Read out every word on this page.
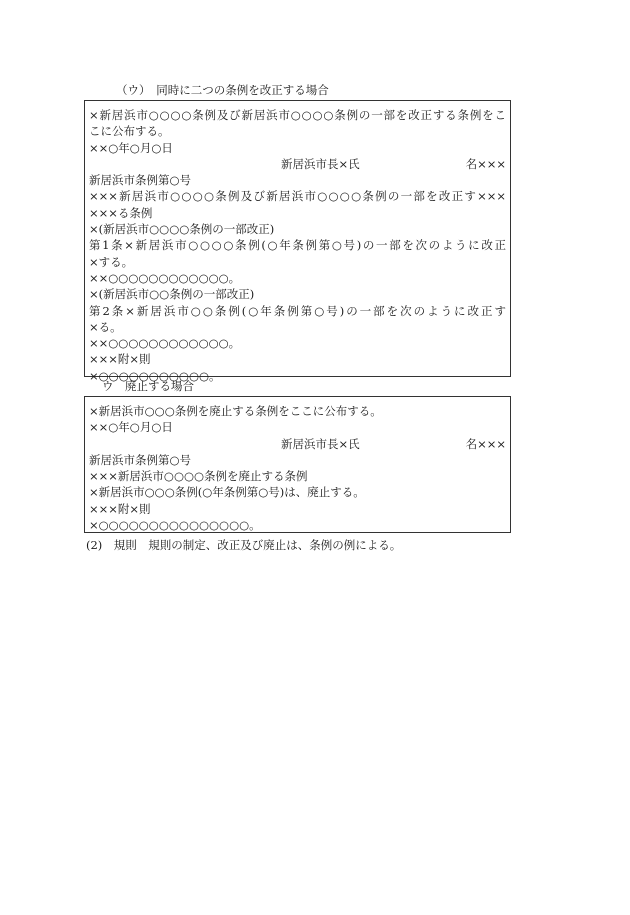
（ウ）　同時に二つの条例を改正する場合
×新居浜市○○○○条例及び新居浜市○○○○条例の一部を改正する条例をこ
こに公布する。
××○年○月○日
新居浜市長×氏	名×××
新居浜市条例第○号
×××新居浜市○○○○条例及び新居浜市○○○○条例の一部を改正す×××
×××る条例
×(新居浜市○○○○条例の一部改正)
第1条×新居浜市○○○○条例(○年条例第○号)の一部を次のように改正
×する。
××○○○○○○○○○○○○。
×(新居浜市○○条例の一部改正)
第2条×新居浜市○○条例(○年条例第○号)の一部を次のように改正す
×る。
××○○○○○○○○○○○○。
×××附×則
×○○○○○○○○○○○。
ウ　廃止する場合
×新居浜市○○○条例を廃止する条例をここに公布する。
××○年○月○日
新居浜市長×氏	名×××
新居浜市条例第○号
×××新居浜市○○○○条例を廃止する条例
×新居浜市○○○条例(○年条例第○号)は、廃止する。
×××附×則
×○○○○○○○○○○○○○○○。
(2)　規則　規則の制定、改正及び廃止は、条例の例による。
